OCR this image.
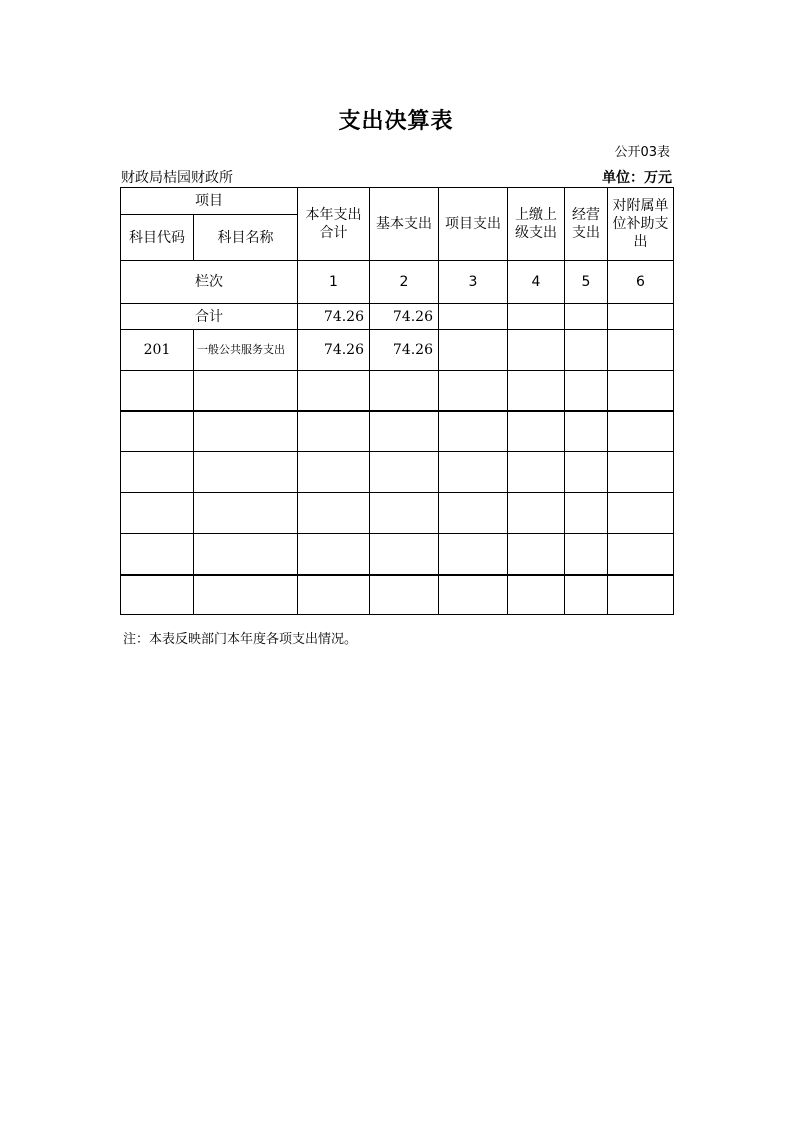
支出决算表
公开03表
财政局桔园财政所	单位：万元
项目		本年支出合计	基本支出	项目支出	上缴上级支出	经营支出	对附属单位补助支出

科目代码	科目名称						
栏次		1	2	3	4	5	6
合计		74.26	74.26				
201	一般公共服务支出	74.26	74.26				

注：本表反映部门本年度各项支出情况。
